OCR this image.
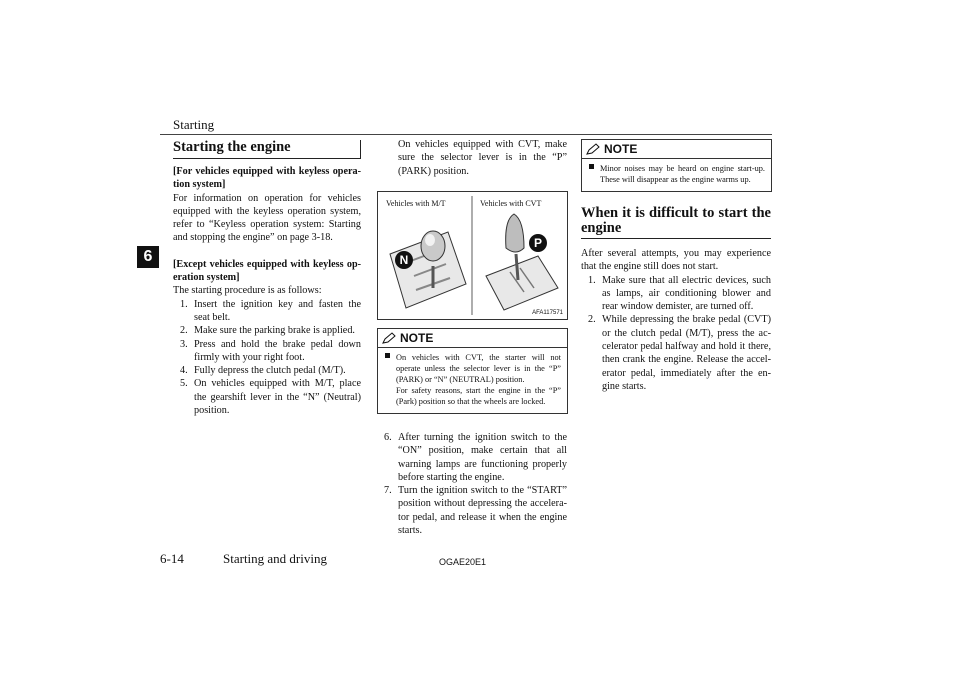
Starting
6
Starting the engine

[For vehicles equipped with keyless opera-tion system]

For information on operation for vehicles equipped with the keyless operation system, refer to “Keyless operation system: Starting and stopping the engine” on page 3-18.

[Except vehicles equipped with keyless op-eration system]

The starting procedure is as follows:

1. Insert the ignition key and fasten the seat belt.
2. Make sure the parking brake is applied.
3. Press and hold the brake pedal down firmly with your right foot.
4. Fully depress the clutch pedal (M/T).
5. On vehicles equipped with M/T, place the gearshift lever in the “N” (Neutral) position.

On vehicles equipped with CVT, make sure the selector lever is in the “P” (PARK) position.

N
P
Vehicles with M/T	Vehicles with CVT
AFA117571
NOTE
On vehicles with CVT, the starter will not operate unless the selector lever is in the “P” (PARK) or “N” (NEUTRAL) position.
For safety reasons, start the engine in the “P” (Park) position so that the wheels are locked.
6. After turning the ignition switch to the “ON” position, make certain that all warning lamps are functioning properly before starting the engine.
7. Turn the ignition switch to the “START” position without depressing the accelera-tor pedal, and release it when the engine starts.
NOTE
Minor noises may be heard on engine start-up. These will disappear as the engine warms up.
When it is difficult to start the engine

After several attempts, you may experience that the engine still does not start.

1. Make sure that all electric devices, such as lamps, air conditioning blower and rear window demister, are turned off.
2. While depressing the brake pedal (CVT) or the clutch pedal (M/T), press the ac-celerator pedal halfway and hold it there, then crank the engine. Release the accel-erator pedal, immediately after the en-gine starts.
6-14	Starting and driving	OGAE20E1
